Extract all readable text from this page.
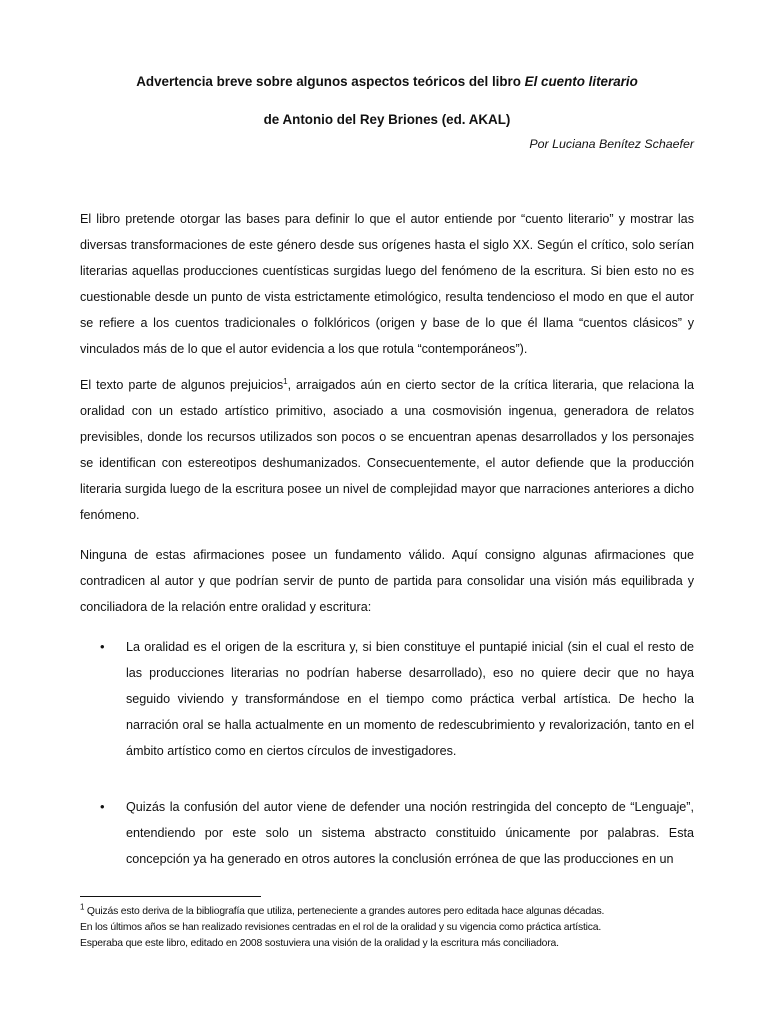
Advertencia breve sobre algunos aspectos teóricos del libro El cuento literario
de Antonio del Rey Briones (ed. AKAL)
Por Luciana Benítez Schaefer

El libro pretende otorgar las bases para definir lo que el autor entiende por “cuento literario” y mostrar las diversas transformaciones de este género desde sus orígenes hasta el siglo XX. Según el crítico, solo serían literarias aquellas producciones cuentísticas surgidas luego del fenómeno de la escritura. Si bien esto no es cuestionable desde un punto de vista estrictamente etimológico, resulta tendencioso el modo en que el autor se refiere a los cuentos tradicionales o folklóricos (origen y base de lo que él llama “cuentos clásicos” y vinculados más de lo que el autor evidencia a los que rotula “contemporáneos”).

El texto parte de algunos prejuicios$^1$, arraigados aún en cierto sector de la crítica literaria, que relaciona la oralidad con un estado artístico primitivo, asociado a una cosmovisión ingenua, generadora de relatos previsibles, donde los recursos utilizados son pocos o se encuentran apenas desarrollados y los personajes se identifican con estereotipos deshumanizados. Consecuentemente, el autor defiende que la producción literaria surgida luego de la escritura posee un nivel de complejidad mayor que narraciones anteriores a dicho fenómeno.

Ninguna de estas afirmaciones posee un fundamento válido. Aquí consigno algunas afirmaciones que contradicen al autor y que podrían servir de punto de partida para consolidar una visión más equilibrada y conciliadora de la relación entre oralidad y escritura:

•	La oralidad es el origen de la escritura y, si bien constituye el puntapié inicial (sin el cual el resto de las producciones literarias no podrían haberse desarrollado), eso no quiere decir que no haya seguido viviendo y transformándose en el tiempo como práctica verbal artística. De hecho la narración oral se halla actualmente en un momento de redescubrimiento y revalorización, tanto en el ámbito artístico como en ciertos círculos de investigadores.
•	Quizás la confusión del autor viene de defender una noción restringida del concepto de “Lenguaje”, entendiendo por este solo un sistema abstracto constituido únicamente por palabras. Esta concepción ya ha generado en otros autores la conclusión errónea de que las producciones en un
$^1$ Quizás esto deriva de la bibliografía que utiliza, perteneciente a grandes autores pero editada hace algunas décadas.
En los últimos años se han realizado revisiones centradas en el rol de la oralidad y su vigencia como práctica artística.
Esperaba que este libro, editado en 2008 sostuviera una visión de la oralidad y la escritura más conciliadora.
